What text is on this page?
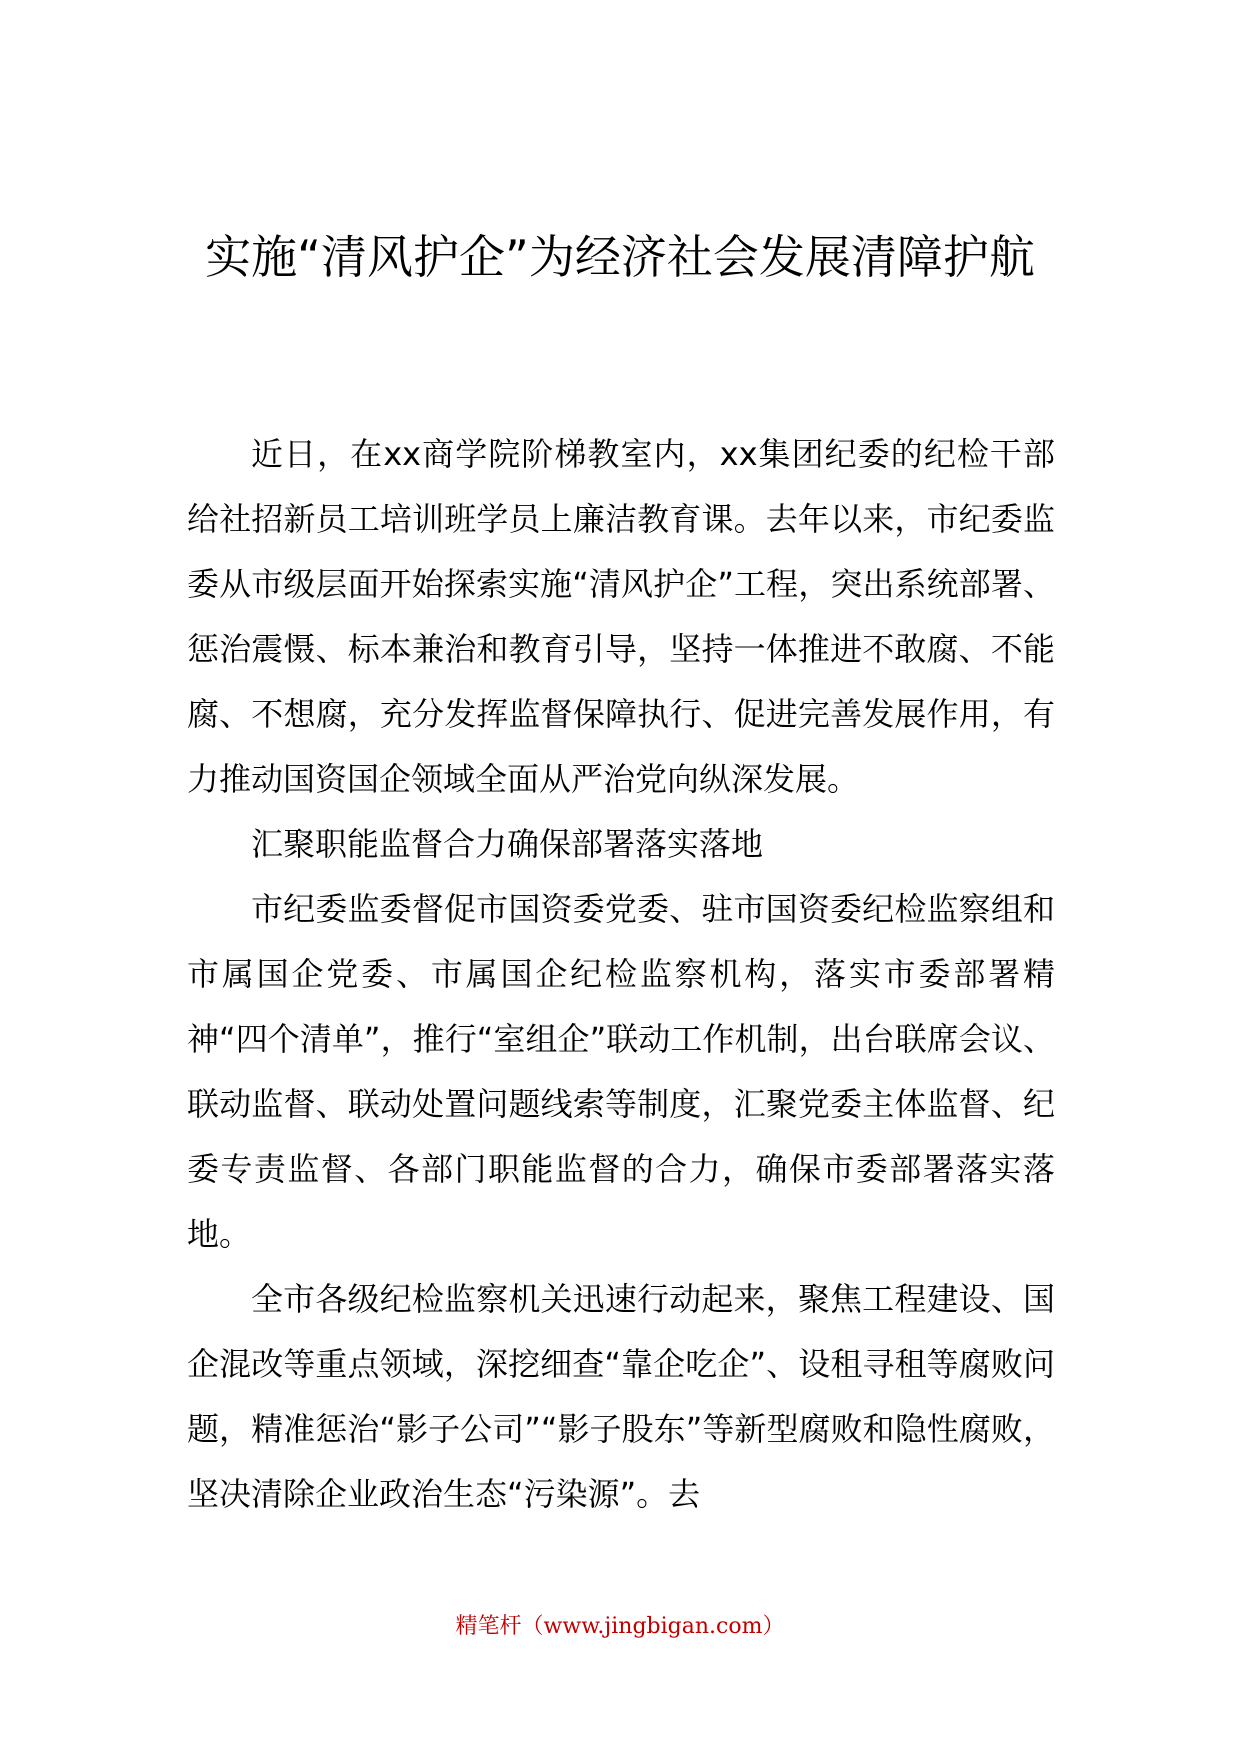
实施“清风护企”为经济社会发展清障护航

近日，在xx商学院阶梯教室内，xx集团纪委的纪检干部给社招新员工培训班学员上廉洁教育课。去年以来，市纪委监委从市级层面开始探索实施“清风护企”工程，突出系统部署、惩治震慑、标本兼治和教育引导，坚持一体推进不敢腐、不能腐、不想腐，充分发挥监督保障执行、促进完善发展作用，有力推动国资国企领域全面从严治党向纵深发展。

汇聚职能监督合力确保部署落实落地

市纪委监委督促市国资委党委、驻市国资委纪检监察组和市属国企党委、市属国企纪检监察机构，落实市委部署精神“四个清单”，推行“室组企”联动工作机制，出台联席会议、联动监督、联动处置问题线索等制度，汇聚党委主体监督、纪委专责监督、各部门职能监督的合力，确保市委部署落实落地。

全市各级纪检监察机关迅速行动起来，聚焦工程建设、国企混改等重点领域，深挖细查“靠企吃企”、设租寻租等腐败问题，精准惩治“影子公司”“影子股东”等新型腐败和隐性腐败，坚决清除企业政治生态“污染源”。去

精笔杆（www.jingbigan.com）
